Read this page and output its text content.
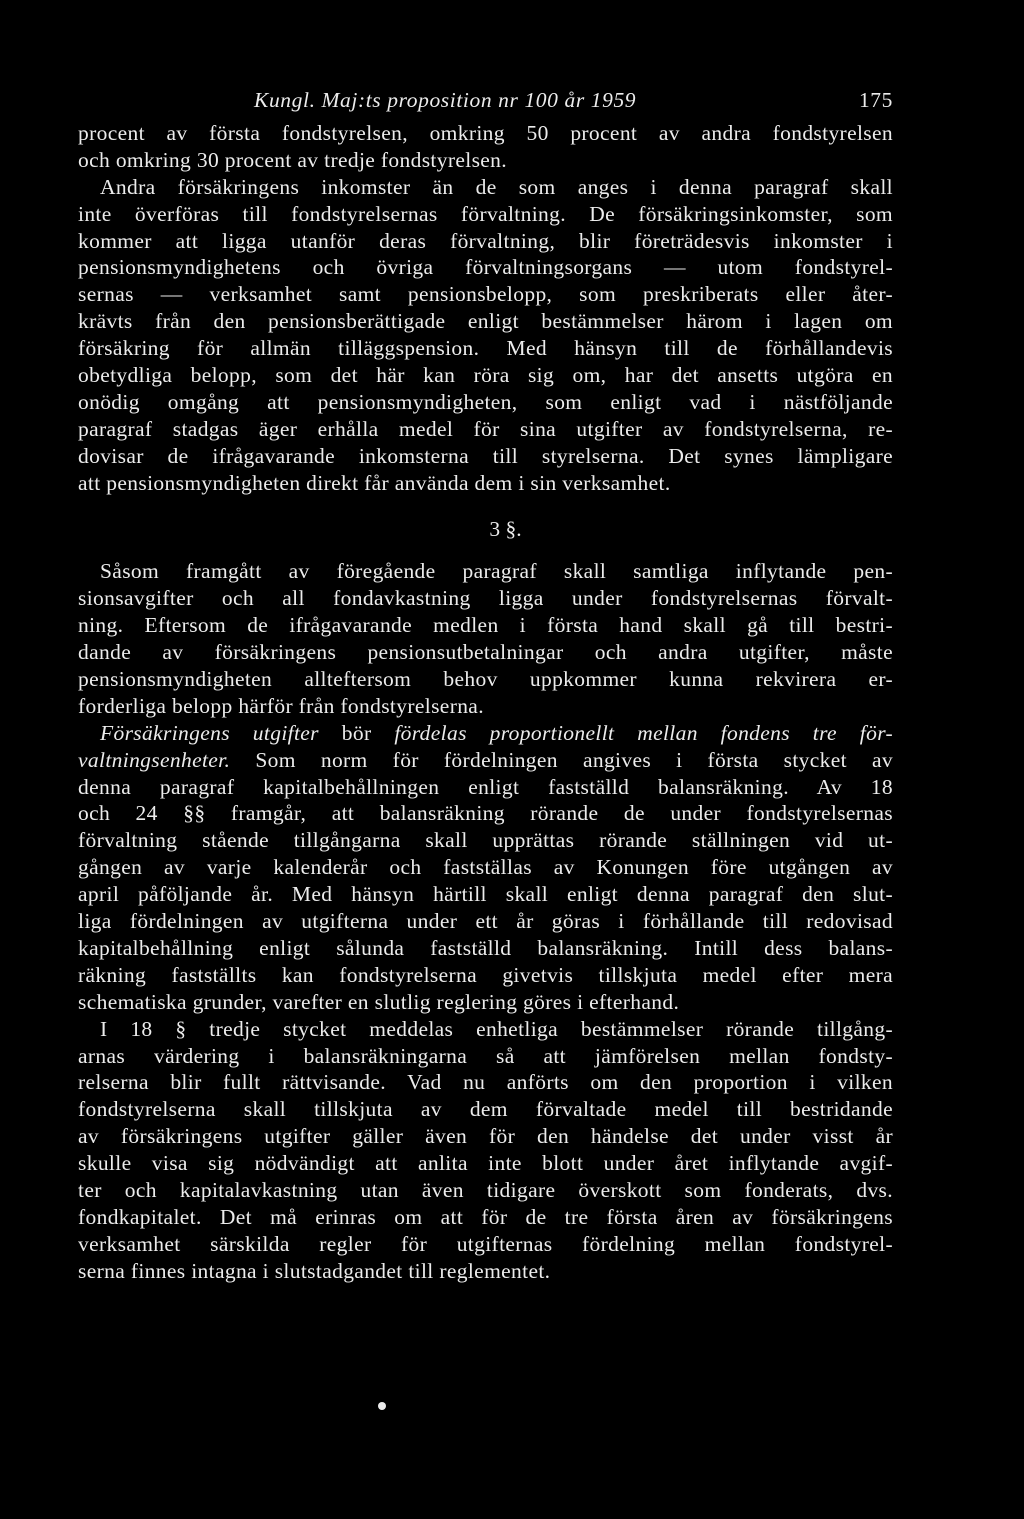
Kungl. Maj:ts proposition nr 100 år 1959	175
procent av första fondstyrelsen, omkring 50 procent av andra fondstyrelsen
och omkring 30 procent av tredje fondstyrelsen.
Andra försäkringens inkomster än de som anges i denna paragraf skall
inte överföras till fondstyrelsernas förvaltning. De försäkringsinkomster, som
kommer att ligga utanför deras förvaltning, blir företrädesvis inkomster i
pensionsmyndighetens och övriga förvaltningsorgans — utom fondstyrel-
sernas — verksamhet samt pensionsbelopp, som preskriberats eller åter-
krävts från den pensionsberättigade enligt bestämmelser härom i lagen om
försäkring för allmän tilläggspension. Med hänsyn till de förhållandevis
obetydliga belopp, som det här kan röra sig om, har det ansetts utgöra en
onödig omgång att pensionsmyndigheten, som enligt vad i nästföljande
paragraf stadgas äger erhålla medel för sina utgifter av fondstyrelserna, re-
dovisar de ifrågavarande inkomsterna till styrelserna. Det synes lämpligare
att pensionsmyndigheten direkt får använda dem i sin verksamhet.
3 §.
Såsom framgått av föregående paragraf skall samtliga inflytande pen-
sionsavgifter och all fondavkastning ligga under fondstyrelsernas förvalt-
ning. Eftersom de ifrågavarande medlen i första hand skall gå till bestri-
dande av försäkringens pensionsutbetalningar och andra utgifter, måste
pensionsmyndigheten allteftersom behov uppkommer kunna rekvirera er-
forderliga belopp härför från fondstyrelserna.
Försäkringens utgifter bör fördelas proportionellt mellan fondens tre för-
valtningsenheter. Som norm för fördelningen angives i första stycket av
denna paragraf kapitalbehållningen enligt fastställd balansräkning. Av 18
och 24 §§ framgår, att balansräkning rörande de under fondstyrelsernas
förvaltning stående tillgångarna skall upprättas rörande ställningen vid ut-
gången av varje kalenderår och fastställas av Konungen före utgången av
april påföljande år. Med hänsyn härtill skall enligt denna paragraf den slut-
liga fördelningen av utgifterna under ett år göras i förhållande till redovisad
kapitalbehållning enligt sålunda fastställd balansräkning. Intill dess balans-
räkning fastställts kan fondstyrelserna givetvis tillskjuta medel efter mera
schematiska grunder, varefter en slutlig reglering göres i efterhand.
I 18 § tredje stycket meddelas enhetliga bestämmelser rörande tillgång-
arnas värdering i balansräkningarna så att jämförelsen mellan fondsty-
relserna blir fullt rättvisande. Vad nu anförts om den proportion i vilken
fondstyrelserna skall tillskjuta av dem förvaltade medel till bestridande
av försäkringens utgifter gäller även för den händelse det under visst år
skulle visa sig nödvändigt att anlita inte blott under året inflytande avgif-
ter och kapitalavkastning utan även tidigare överskott som fonderats, dvs.
fondkapitalet. Det må erinras om att för de tre första åren av försäkringens
verksamhet särskilda regler för utgifternas fördelning mellan fondstyrel-
serna finnes intagna i slutstadgandet till reglementet.
